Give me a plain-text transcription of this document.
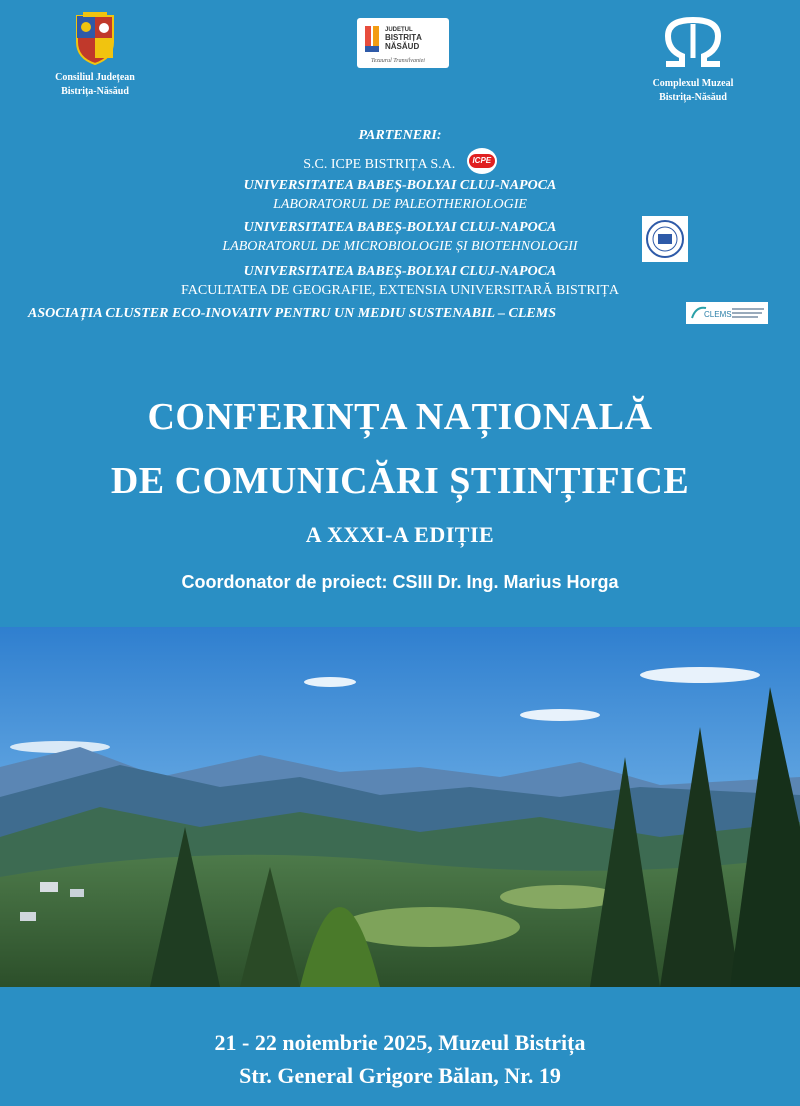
Consiliul Județean
Bistrița-Năsăud
JUDEȚUL
BISTRIȚA
NĂSĂUD
Tezaurul Transilvaniei
Complexul Muzeal
Bistrița-Năsăud
PARTENERI:
S.C. ICPE BISTRIȚA S.A.	ICPE
UNIVERSITATEA BABEȘ-BOLYAI CLUJ-NAPOCA
LABORATORUL DE PALEOTHERIOLOGIE
UNIVERSITATEA BABEȘ-BOLYAI CLUJ-NAPOCA
LABORATORUL DE MICROBIOLOGIE ȘI BIOTEHNOLOGII
UNIVERSITATEA BABEȘ-BOLYAI CLUJ-NAPOCA
FACULTATEA DE GEOGRAFIE, EXTENSIA UNIVERSITARĂ BISTRIȚA
ASOCIAȚIA CLUSTER ECO-INOVATIV PENTRU UN MEDIU SUSTENABIL – CLEMS	CLEMS
CONFERINȚA NAȚIONALĂ
DE COMUNICĂRI ȘTIINȚIFICE
A XXXI-A EDIȚIE
Coordonator de proiect: CSIII Dr. Ing. Marius Horga
21 - 22 noiembrie 2025, Muzeul Bistrița
Str. General Grigore Bălan, Nr. 19
